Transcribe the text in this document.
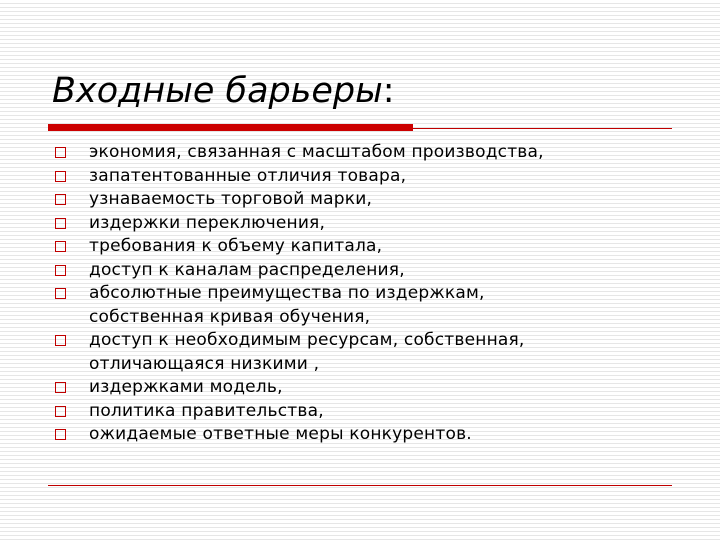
Входные барьеры:
экономия, связанная с масштабом производства,
запатентованные отличия товара,
узнаваемость торговой марки,
издержки переключения,
требования к объему капитала,
доступ к каналам распределения,
абсолютные преимущества по издержкам,
собственная кривая обучения,
доступ к необходимым ресурсам, собственная,
отличающаяся низкими ,
издержками модель,
политика правительства,
ожидаемые ответные меры конкурентов.
